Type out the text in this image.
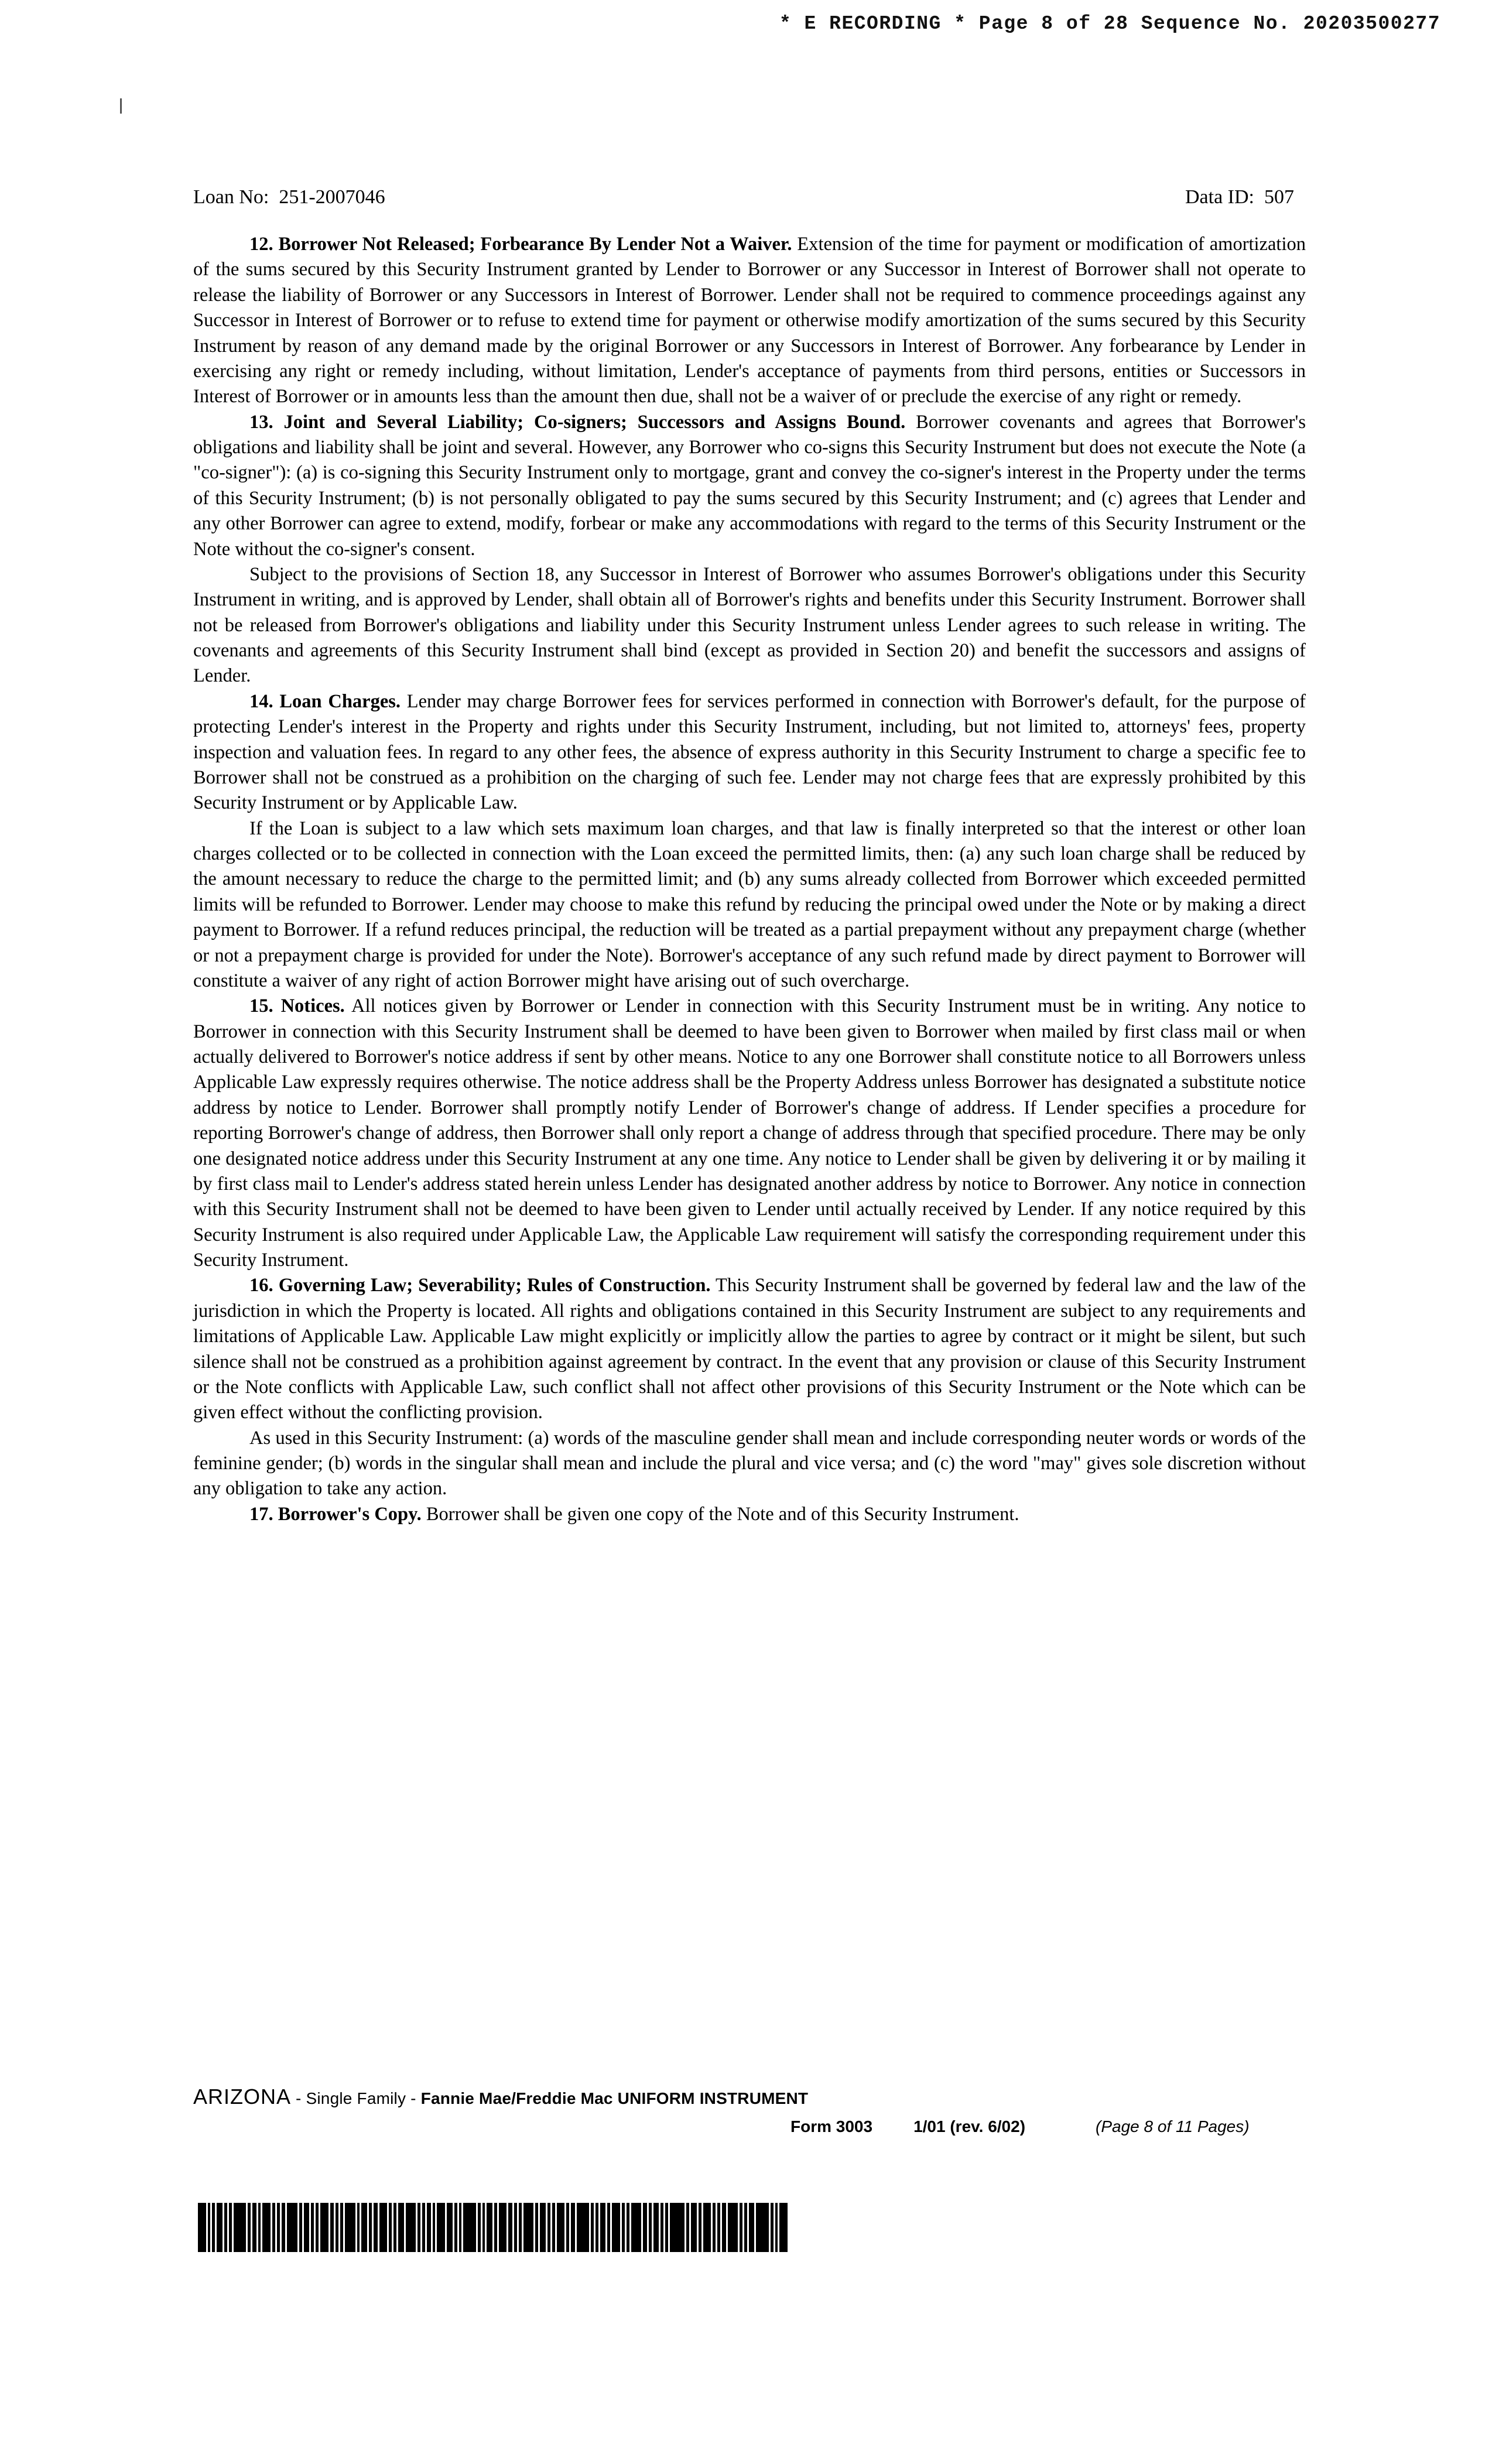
* E RECORDING * Page 8 of 28 Sequence No. 20203500277
Loan No:  251-2007046	Data ID:  507

12. Borrower Not Released; Forbearance By Lender Not a Waiver. Extension of the time for payment or modification of amortization of the sums secured by this Security Instrument granted by Lender to Borrower or any Successor in Interest of Borrower shall not operate to release the liability of Borrower or any Successors in Interest of Borrower. Lender shall not be required to commence proceedings against any Successor in Interest of Borrower or to refuse to extend time for payment or otherwise modify amortization of the sums secured by this Security Instrument by reason of any demand made by the original Borrower or any Successors in Interest of Borrower. Any forbearance by Lender in exercising any right or remedy including, without limitation, Lender's acceptance of payments from third persons, entities or Successors in Interest of Borrower or in amounts less than the amount then due, shall not be a waiver of or preclude the exercise of any right or remedy.

13. Joint and Several Liability; Co-signers; Successors and Assigns Bound. Borrower covenants and agrees that Borrower's obligations and liability shall be joint and several. However, any Borrower who co-signs this Security Instrument but does not execute the Note (a "co-signer"): (a) is co-signing this Security Instrument only to mortgage, grant and convey the co-signer's interest in the Property under the terms of this Security Instrument; (b) is not personally obligated to pay the sums secured by this Security Instrument; and (c) agrees that Lender and any other Borrower can agree to extend, modify, forbear or make any accommodations with regard to the terms of this Security Instrument or the Note without the co-signer's consent.

Subject to the provisions of Section 18, any Successor in Interest of Borrower who assumes Borrower's obligations under this Security Instrument in writing, and is approved by Lender, shall obtain all of Borrower's rights and benefits under this Security Instrument. Borrower shall not be released from Borrower's obligations and liability under this Security Instrument unless Lender agrees to such release in writing. The covenants and agreements of this Security Instrument shall bind (except as provided in Section 20) and benefit the successors and assigns of Lender.

14. Loan Charges. Lender may charge Borrower fees for services performed in connection with Borrower's default, for the purpose of protecting Lender's interest in the Property and rights under this Security Instrument, including, but not limited to, attorneys' fees, property inspection and valuation fees. In regard to any other fees, the absence of express authority in this Security Instrument to charge a specific fee to Borrower shall not be construed as a prohibition on the charging of such fee. Lender may not charge fees that are expressly prohibited by this Security Instrument or by Applicable Law.

If the Loan is subject to a law which sets maximum loan charges, and that law is finally interpreted so that the interest or other loan charges collected or to be collected in connection with the Loan exceed the permitted limits, then: (a) any such loan charge shall be reduced by the amount necessary to reduce the charge to the permitted limit; and (b) any sums already collected from Borrower which exceeded permitted limits will be refunded to Borrower. Lender may choose to make this refund by reducing the principal owed under the Note or by making a direct payment to Borrower. If a refund reduces principal, the reduction will be treated as a partial prepayment without any prepayment charge (whether or not a prepayment charge is provided for under the Note). Borrower's acceptance of any such refund made by direct payment to Borrower will constitute a waiver of any right of action Borrower might have arising out of such overcharge.

15. Notices. All notices given by Borrower or Lender in connection with this Security Instrument must be in writing. Any notice to Borrower in connection with this Security Instrument shall be deemed to have been given to Borrower when mailed by first class mail or when actually delivered to Borrower's notice address if sent by other means. Notice to any one Borrower shall constitute notice to all Borrowers unless Applicable Law expressly requires otherwise. The notice address shall be the Property Address unless Borrower has designated a substitute notice address by notice to Lender. Borrower shall promptly notify Lender of Borrower's change of address. If Lender specifies a procedure for reporting Borrower's change of address, then Borrower shall only report a change of address through that specified procedure. There may be only one designated notice address under this Security Instrument at any one time. Any notice to Lender shall be given by delivering it or by mailing it by first class mail to Lender's address stated herein unless Lender has designated another address by notice to Borrower. Any notice in connection with this Security Instrument shall not be deemed to have been given to Lender until actually received by Lender. If any notice required by this Security Instrument is also required under Applicable Law, the Applicable Law requirement will satisfy the corresponding requirement under this Security Instrument.

16. Governing Law; Severability; Rules of Construction. This Security Instrument shall be governed by federal law and the law of the jurisdiction in which the Property is located. All rights and obligations contained in this Security Instrument are subject to any requirements and limitations of Applicable Law. Applicable Law might explicitly or implicitly allow the parties to agree by contract or it might be silent, but such silence shall not be construed as a prohibition against agreement by contract. In the event that any provision or clause of this Security Instrument or the Note conflicts with Applicable Law, such conflict shall not affect other provisions of this Security Instrument or the Note which can be given effect without the conflicting provision.

As used in this Security Instrument: (a) words of the masculine gender shall mean and include corresponding neuter words or words of the feminine gender; (b) words in the singular shall mean and include the plural and vice versa; and (c) the word "may" gives sole discretion without any obligation to take any action.

17. Borrower's Copy. Borrower shall be given one copy of the Note and of this Security Instrument.

ARIZONA - Single Family - Fannie Mae/Freddie Mac UNIFORM INSTRUMENT
Form 3003	1/01 (rev. 6/02)	(Page 8 of 11 Pages)
